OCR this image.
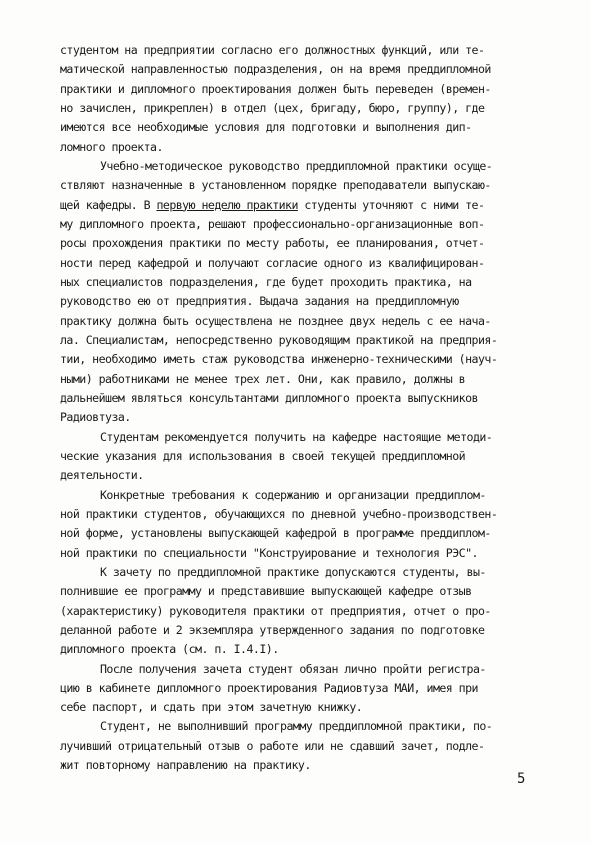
студентом на предприятии согласно его должностных функций, или те-
матической направленностью подразделения, он на время преддипломной
практики и дипломного проектирования должен быть переведен (времен-
но зачислен, прикреплен) в отдел (цех, бригаду, бюро, группу), где
имеются все необходимые условия для подготовки и выполнения дип-
ломного проекта.
Учебно-методическое руководство преддипломной практики осуще-
ствляют назначенные в установленном порядке преподаватели выпускаю-
щей кафедры. В первую неделю практики студенты уточняют с ними те-
му дипломного проекта, решают профессионально-организационные воп-
росы прохождения практики по месту работы, ее планирования, отчет-
ности перед кафедрой и получают согласие одного из квалифицирован-
ных специалистов подразделения, где будет проходить практика, на
руководство ею от предприятия. Выдача задания на преддипломную
практику должна быть осуществлена не позднее двух недель с ее нача-
ла. Специалистам, непосредственно руководящим практикой на предприя-
тии, необходимо иметь стаж руководства инженерно-техническими (науч-
ными) работниками не менее трех лет. Они, как правило, должны в
дальнейшем являться консультантами дипломного проекта выпускников
Радиовтуза.
Студентам рекомендуется получить на кафедре настоящие методи-
ческие указания для использования в своей текущей преддипломной
деятельности.
Конкретные требования к содержанию и организации преддиплом-
ной практики студентов, обучающихся по дневной учебно-производствен-
ной форме, установлены выпускающей кафедрой в программе преддиплом-
ной практики по специальности "Конструирование и технология РЭС".
К зачету по преддипломной практике допускаются студенты, вы-
полнившие ее программу и представившие выпускающей кафедре отзыв
(характеристику) руководителя практики от предприятия, отчет о про-
деланной работе и 2 экземпляра утвержденного задания по подготовке
дипломного проекта (см. п. I.4.I).
После получения зачета студент обязан лично пройти регистра-
цию в кабинете дипломного проектирования Радиовтуза МАИ, имея при
себе паспорт, и сдать при этом зачетную книжку.
Студент, не выполнивший программу преддипломной практики, по-
лучивший отрицательный отзыв о работе или не сдавший зачет, подле-
жит повторному направлению на практику.
5
